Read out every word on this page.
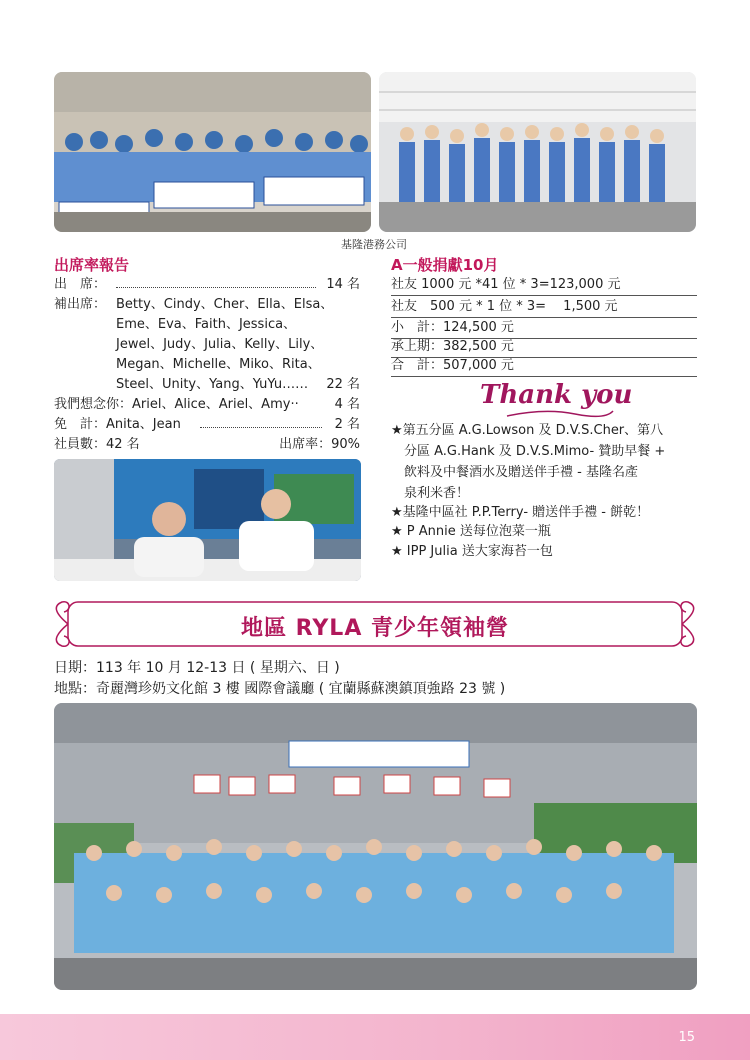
基隆港務公司
出席率報告
出　席：	14 名
補出席： Betty、Cindy、Cher、Ella、Elsa、
Eme、Eva、Faith、Jessica、
Jewel、Judy、Julia、Kelly、Lily、
Megan、Michelle、Miko、Rita、
Steel、Unity、Yang、YuYu…… 22 名
我們想念你：Ariel、Alice、Ariel、Amy··	4 名
免　計：Anita、Jean	2 名
社員數：42 名	出席率：90%
A一般捐獻10月
社友 1000 元 *41 位 * 3=123,000 元
社友　500 元 * 1 位 * 3=　 1,500 元
小　計：124,500 元
承上期：382,500 元
合　計：507,000 元
Thank you
★第五分區 A.G.Lowson 及 D.V.S.Cher、第八
分區 A.G.Hank 及 D.V.S.Mimo- 贊助早餐 +
飲料及中餐酒水及贈送伴手禮 - 基隆名產
泉利米香！
★基隆中區社 P.P.Terry- 贈送伴手禮 - 餅乾！
★ P Annie 送每位泡菜一瓶
★ IPP Julia 送大家海苔一包
地區 RYLA 青少年領袖營
日期：113 年 10 月 12-13 日 ( 星期六、日 )
地點：奇麗灣珍奶文化館 3 樓 國際會議廳 ( 宜蘭縣蘇澳鎮頂強路 23 號 )
15
